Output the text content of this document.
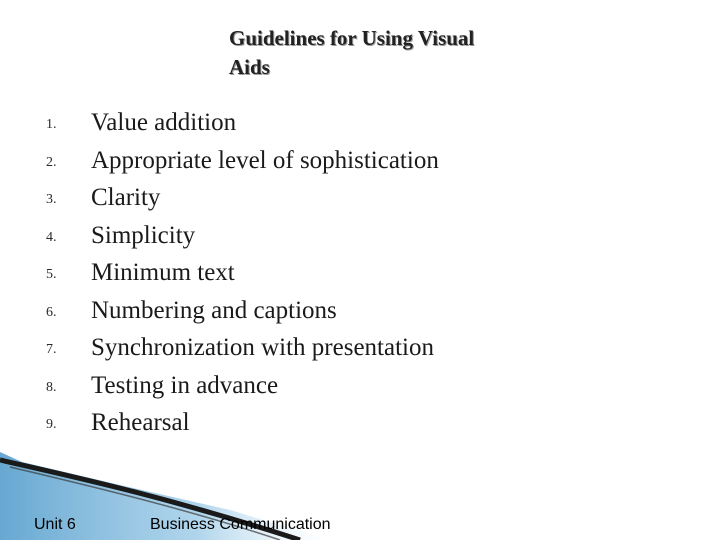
Guidelines for Using Visual
Aids
1. Value addition
2. Appropriate level of sophistication
3. Clarity
4. Simplicity
5. Minimum text
6. Numbering and captions
7. Synchronization with presentation
8. Testing in advance
9. Rehearsal
Unit 6	Business Communication
